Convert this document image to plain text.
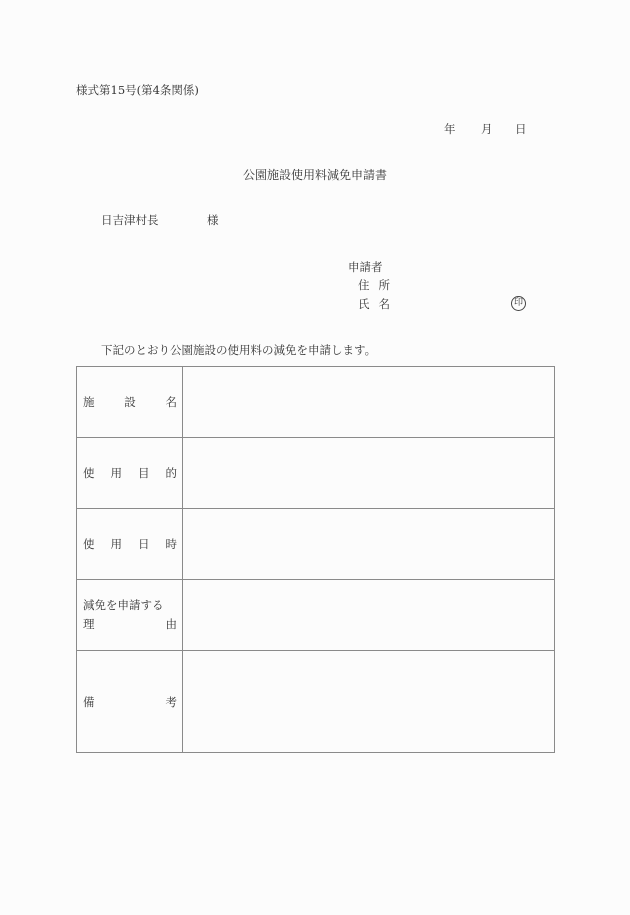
様式第15号(第4条関係)
年 月 日
公園施設使用料減免申請書
日吉津村長	様
申請者
住所
氏名	印
下記のとおり公園施設の使用料の減免を申請します。
施 設 名	

使 用 目 的	

使 用 日 時	

減免を申請する
理 由	

備 考	
